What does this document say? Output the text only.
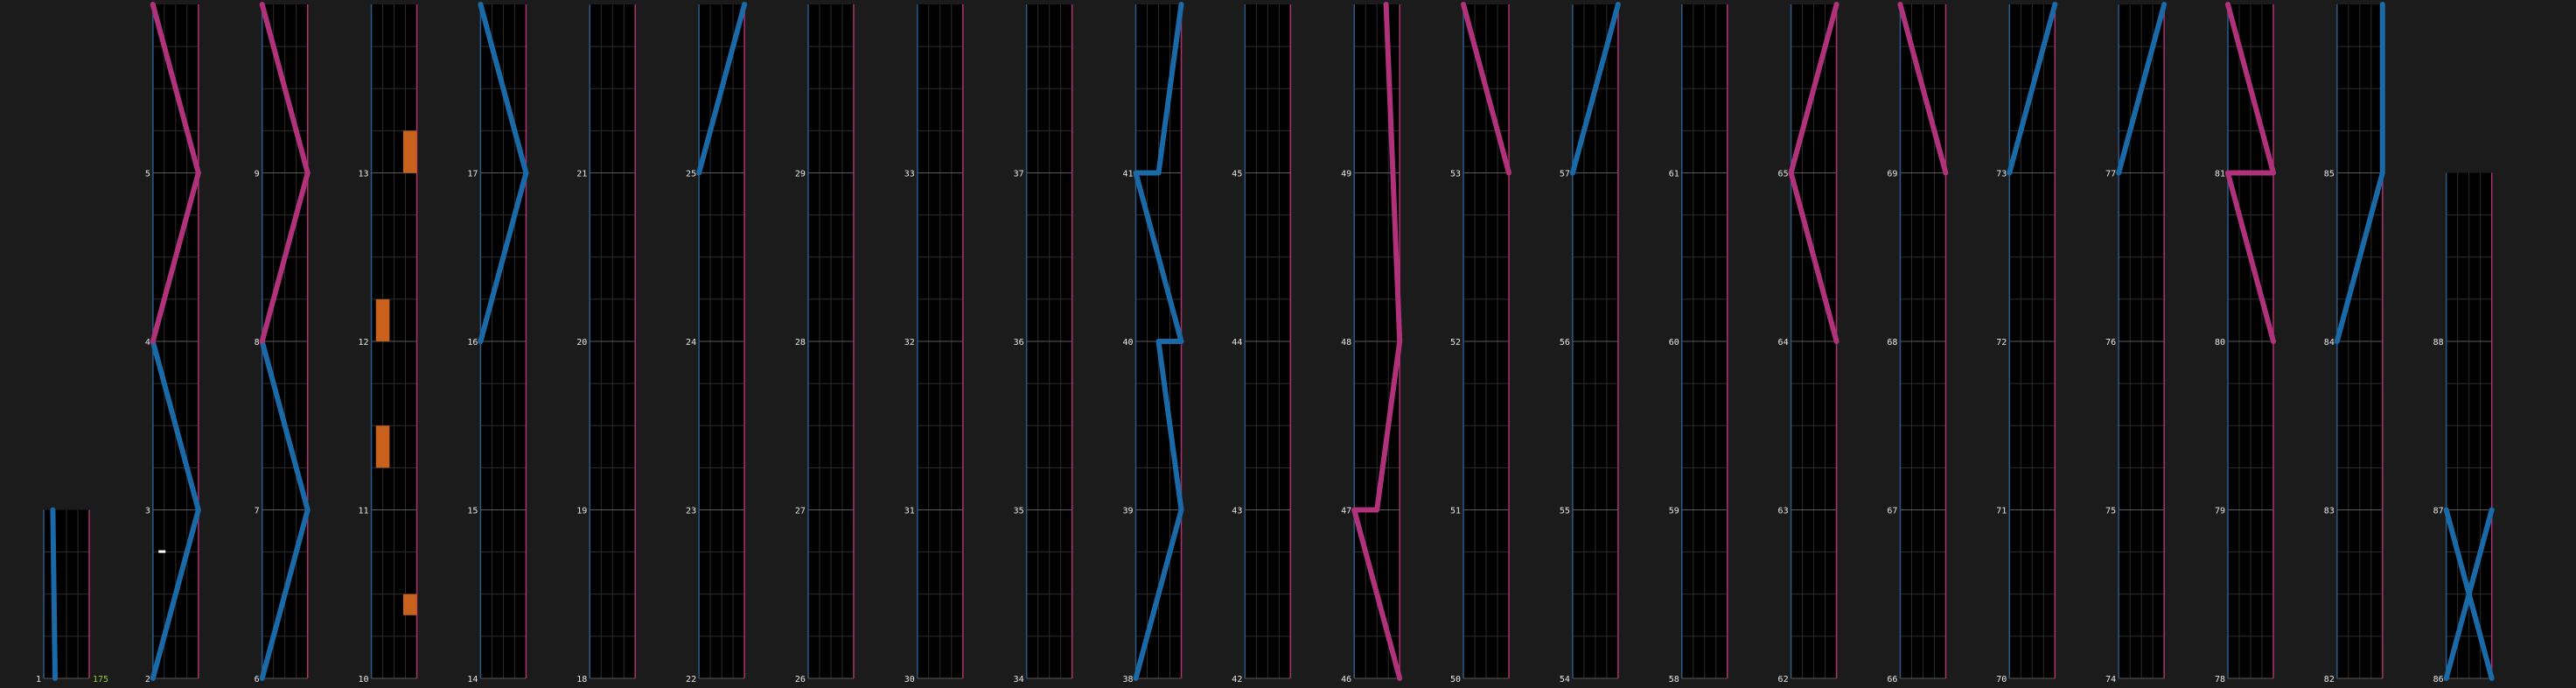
1	2
3
4
5
6
7
8
9
10
11
12
13
14
15
16
17
18
19
20
21
22
23
24
25
26
27
28
29
30
31
32
33
34
35
36
37
38
39
40
41
42
43
44
45
46
47
48
49
50
51
52
53
54
55
56
57
58
59
60
61
62
63
64
65
66
67
68
69
70
71
72
73
74
75
76
77
78
79
80
81
82
83
84
85
86
87
88
175
